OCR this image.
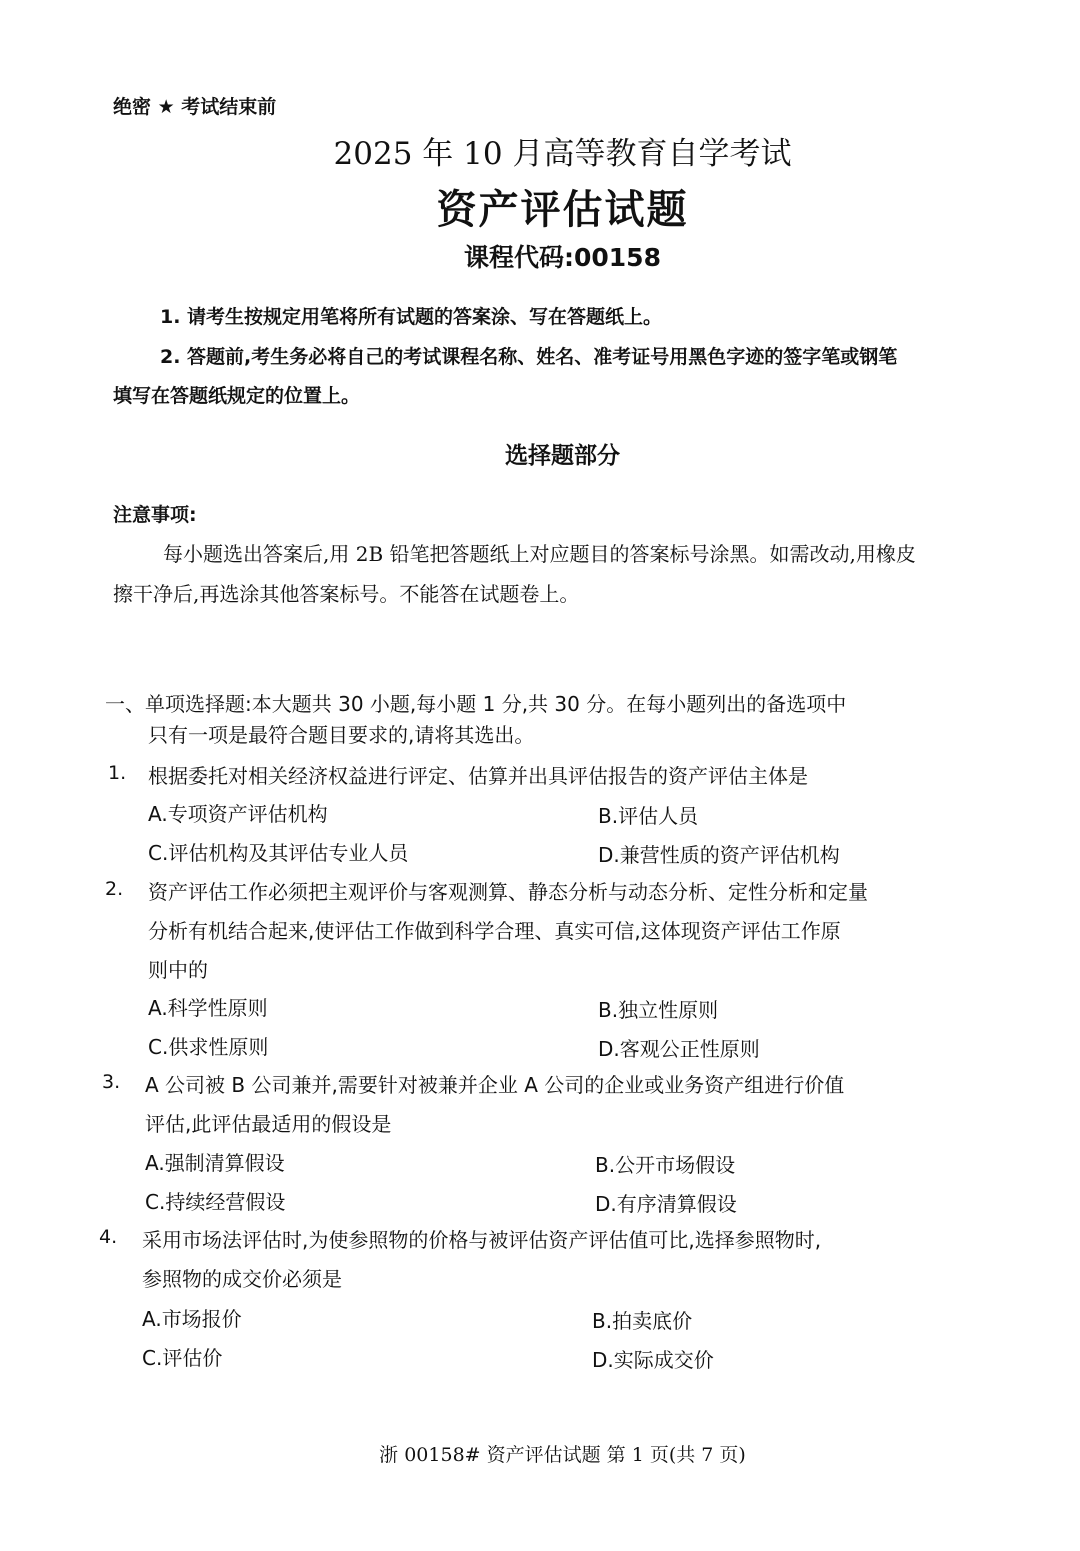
绝密 ★ 考试结束前
2025 年 10 月高等教育自学考试
资产评估试题
课程代码:00158
1. 请考生按规定用笔将所有试题的答案涂、写在答题纸上。
2. 答题前,考生务必将自己的考试课程名称、姓名、准考证号用黑色字迹的签字笔或钢笔
填写在答题纸规定的位置上。
选择题部分
注意事项:
每小题选出答案后,用 2B 铅笔把答题纸上对应题目的答案标号涂黑。如需改动,用橡皮
擦干净后,再选涂其他答案标号。不能答在试题卷上。
一、单项选择题:本大题共 30 小题,每小题 1 分,共 30 分。在每小题列出的备选项中
只有一项是最符合题目要求的,请将其选出。
1. 根据委托对相关经济权益进行评定、估算并出具评估报告的资产评估主体是
A.专项资产评估机构	B.评估人员
C.评估机构及其评估专业人员	D.兼营性质的资产评估机构
2. 资产评估工作必须把主观评价与客观测算、静态分析与动态分析、定性分析和定量
分析有机结合起来,使评估工作做到科学合理、真实可信,这体现资产评估工作原
则中的
A.科学性原则	B.独立性原则
C.供求性原则	D.客观公正性原则
3. A 公司被 B 公司兼并,需要针对被兼并企业 A 公司的企业或业务资产组进行价值
评估,此评估最适用的假设是
A.强制清算假设	B.公开市场假设
C.持续经营假设	D.有序清算假设
4. 采用市场法评估时,为使参照物的价格与被评估资产评估值可比,选择参照物时,
参照物的成交价必须是
A.市场报价	B.拍卖底价
C.评估价	D.实际成交价
浙 00158# 资产评估试题 第 1 页(共 7 页)
